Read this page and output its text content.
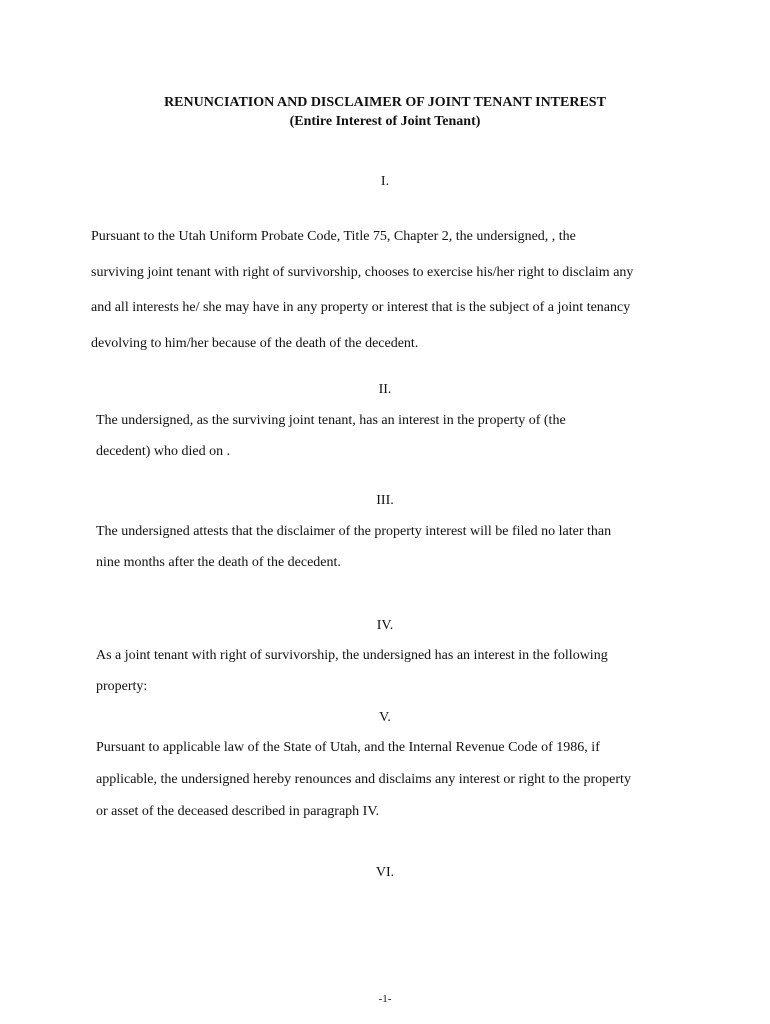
RENUNCIATION AND DISCLAIMER OF JOINT TENANT INTEREST
(Entire Interest of Joint Tenant)
I.
Pursuant to the Utah Uniform Probate Code, Title 75, Chapter 2, the undersigned, , the
surviving joint tenant with right of survivorship, chooses to exercise his/her right to disclaim any
and all interests he/ she may have in any property or interest that is the subject of a joint tenancy
devolving to him/her because of the death of the decedent.
II.
The undersigned, as the surviving joint tenant, has an interest in the property of (the
decedent) who died on .
III.
The undersigned attests that the disclaimer of the property interest will be filed no later than
nine months after the death of the decedent.
IV.
As a joint tenant with right of survivorship, the undersigned has an interest in the following
property:
V.
Pursuant to applicable law of the State of Utah, and the Internal Revenue Code of 1986, if
applicable, the undersigned hereby renounces and disclaims any interest or right to the property
or asset of the deceased described in paragraph IV.
VI.
-1-
